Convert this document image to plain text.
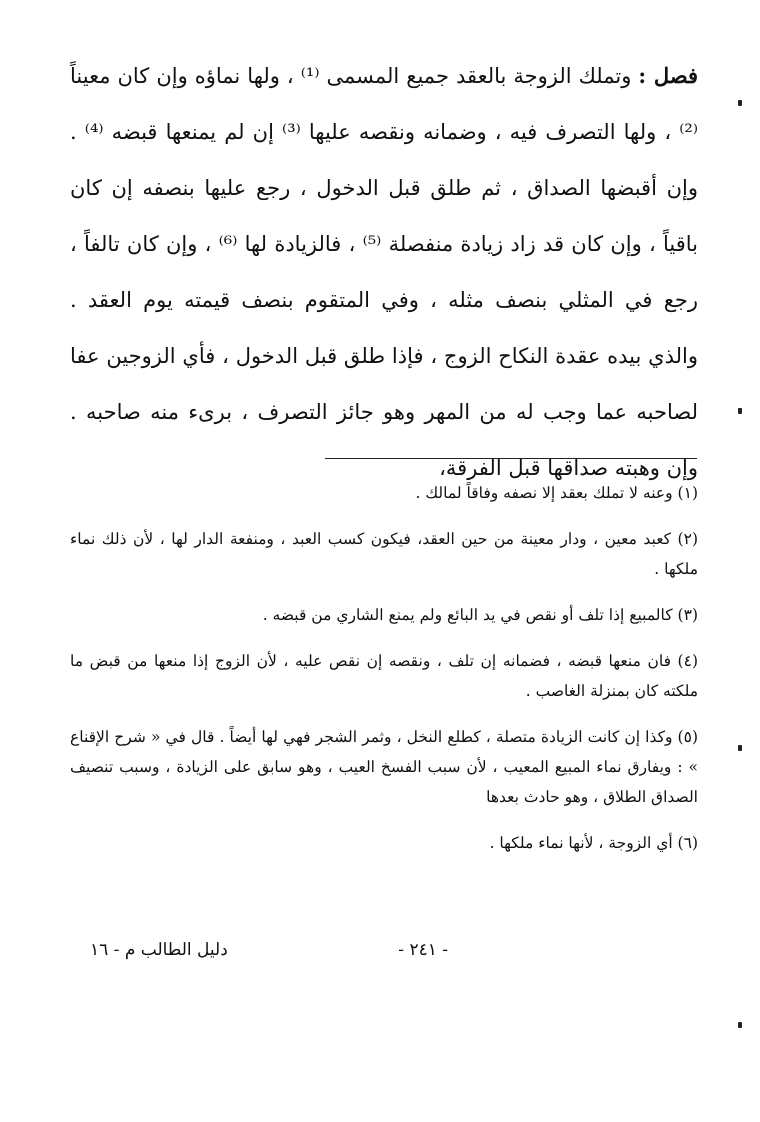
فصل : وتملك الزوجة بالعقد جميع المسمى ⁽¹⁾ ، ولها نماؤه وإن كان معيناً ⁽²⁾ ، ولها التصرف فيه ، وضمانه ونقصه عليها ⁽³⁾ إن لم يمنعها قبضه ⁽⁴⁾ . وإن أقبضها الصداق ، ثم طلق قبل الدخول ، رجع عليها بنصفه إن كان باقياً ، وإن كان قد زاد زيادة منفصلة ⁽⁵⁾ ، فالزيادة لها ⁽⁶⁾ ، وإن كان تالفاً ، رجع في المثلي بنصف مثله ، وفي المتقوم بنصف قيمته يوم العقد . والذي بيده عقدة النكاح الزوج ، فإذا طلق قبل الدخول ، فأي الزوجين عفا لصاحبه عما وجب له من المهر وهو جائز التصرف ، برىء منه صاحبه . وإن وهبته صداقها قبل الفرقة،

(١) وعنه لا تملك بعقد إلا نصفه وفاقاً لمالك .

(٢) كعبد معين ، ودار معينة من حين العقد، فيكون كسب العبد ، ومنفعة الدار لها ، لأن ذلك نماء ملكها .

(٣) كالمبيع إذا تلف أو نقص في يد البائع ولم يمنع الشاري من قبضه .

(٤) فان منعها قبضه ، فضمانه إن تلف ، ونقصه إن نقص عليه ، لأن الزوج إذا منعها من قبض ما ملكته كان بمنزلة الغاصب .

(٥) وكذا إن كانت الزيادة متصلة ، كطلع النخل ، وثمر الشجر فهي لها أيضاً . قال في « شرح الإقناع » : ويفارق نماء المبيع المعيب ، لأن سبب الفسخ العيب ، وهو سابق على الزيادة ، وسبب تنصيف الصداق الطلاق ، وهو حادث بعدها

(٦) أي الزوجة ، لأنها نماء ملكها .

- ٢٤١ -
دليل الطالب م - ١٦
